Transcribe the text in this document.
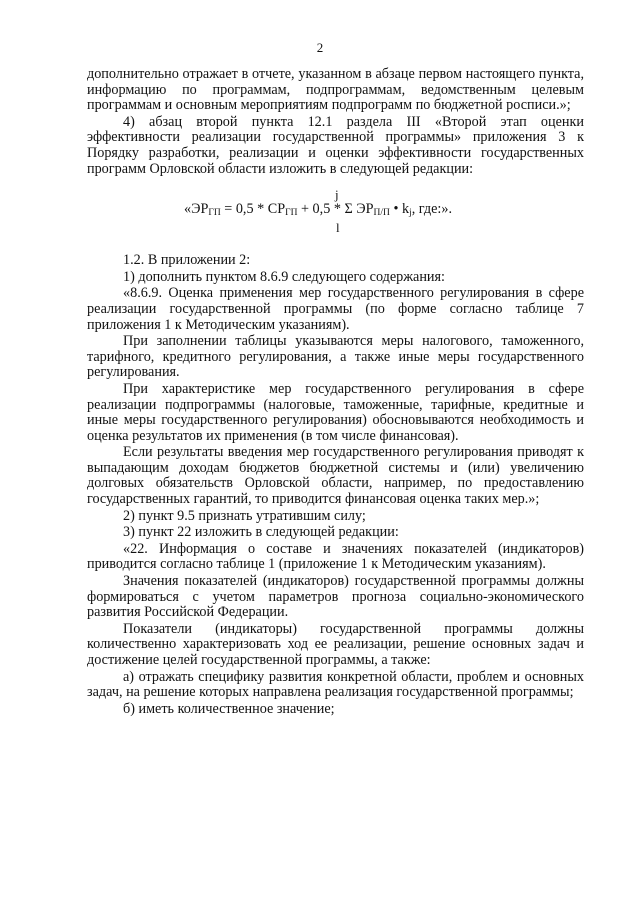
2

дополнительно отражает в отчете, указанном в абзаце первом настоящего пункта, информацию по программам, подпрограммам, ведомственным целевым программам и основным мероприятиям подпрограмм по бюджетной росписи.»;

4) абзац второй пункта 12.1 раздела III «Второй этап оценки эффективности реализации государственной программы» приложения 3 к Порядку разработки, реализации и оценки эффективности государственных программ Орловской области изложить в следующей редакции:

j
«$ЭР_{ГП} = 0,5 * СР_{ГП} + 0,5 * \Sigma$ $ЭР_{П/П}$ • $k_j$, где:».
l

1.2. В приложении 2:

1) дополнить пунктом 8.6.9 следующего содержания:

«8.6.9. Оценка применения мер государственного регулирования в сфере реализации государственной программы (по форме согласно таблице 7 приложения 1 к Методическим указаниям).

При заполнении таблицы указываются меры налогового, таможенного, тарифного, кредитного регулирования, а также иные меры государственного регулирования.

При характеристике мер государственного регулирования в сфере реализации подпрограммы (налоговые, таможенные, тарифные, кредитные и иные меры государственного регулирования) обосновываются необходимость и оценка результатов их применения (в том числе финансовая).

Если результаты введения мер государственного регулирования приводят к выпадающим доходам бюджетов бюджетной системы и (или) увеличению долговых обязательств Орловской области, например, по предоставлению государственных гарантий, то приводится финансовая оценка таких мер.»;

2) пункт 9.5 признать утратившим силу;

3) пункт 22 изложить в следующей редакции:

«22. Информация о составе и значениях показателей (индикаторов) приводится согласно таблице 1 (приложение 1 к Методическим указаниям).

Значения показателей (индикаторов) государственной программы должны формироваться с учетом параметров прогноза социально-экономического развития Российской Федерации.

Показатели (индикаторы) государственной программы должны количественно характеризовать ход ее реализации, решение основных задач и достижение целей государственной программы, а также:

а) отражать специфику развития конкретной области, проблем и основных задач, на решение которых направлена реализация государственной программы;

б) иметь количественное значение;
